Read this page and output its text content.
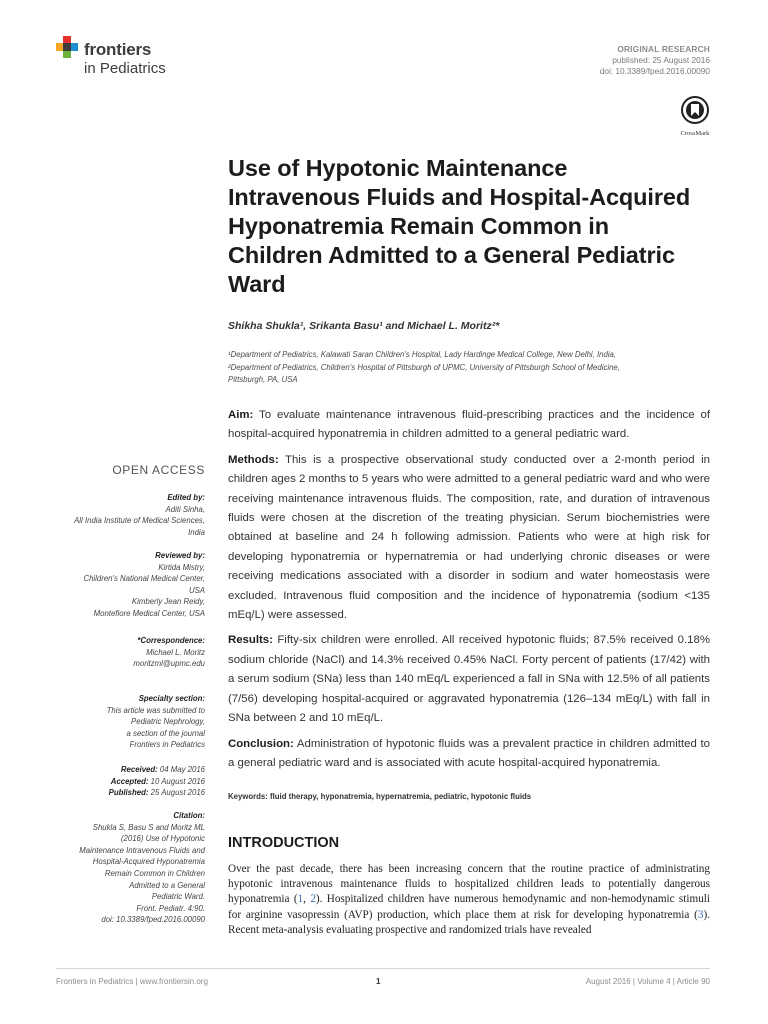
frontiers
in Pediatrics
ORIGINAL RESEARCH
published: 25 August 2016
doi: 10.3389/fped.2016.00090
CrossMark
Use of Hypotonic Maintenance Intravenous Fluids and Hospital-Acquired Hyponatremia Remain Common in Children Admitted to a General Pediatric Ward
Shikha Shukla¹, Srikanta Basu¹ and Michael L. Moritz²*
¹Department of Pediatrics, Kalawati Saran Children's Hospital, Lady Hardinge Medical College, New Delhi, India,
²Department of Pediatrics, Children's Hospital of Pittsburgh of UPMC, University of Pittsburgh School of Medicine,
Pittsburgh, PA, USA

Aim: To evaluate maintenance intravenous fluid-prescribing practices and the incidence of hospital-acquired hyponatremia in children admitted to a general pediatric ward.

Methods: This is a prospective observational study conducted over a 2-month period in children ages 2 months to 5 years who were admitted to a general pediatric ward and who were receiving maintenance intravenous fluids. The composition, rate, and duration of intravenous fluids were chosen at the discretion of the treating physician. Serum biochemistries were obtained at baseline and 24 h following admission. Patients who were at high risk for developing hyponatremia or hypernatremia or had underlying chronic diseases or were receiving medications associated with a disorder in sodium and water homeostasis were excluded. Intravenous fluid composition and the incidence of hyponatremia (sodium <135 mEq/L) were assessed.

Results: Fifty-six children were enrolled. All received hypotonic fluids; 87.5% received 0.18% sodium chloride (NaCl) and 14.3% received 0.45% NaCl. Forty percent of patients (17/42) with a serum sodium (SNa) less than 140 mEq/L experienced a fall in SNa with 12.5% of all patients (7/56) developing hospital-acquired or aggravated hyponatremia (126–134 mEq/L) with fall in SNa between 2 and 10 mEq/L.

Conclusion: Administration of hypotonic fluids was a prevalent practice in children admitted to a general pediatric ward and is associated with acute hospital-acquired hyponatremia.

Keywords: fluid therapy, hyponatremia, hypernatremia, pediatric, hypotonic fluids
OPEN ACCESS
Edited by:
Aditi Sinha,
All India Institute of Medical Sciences,
India
Reviewed by:
Kirtida Mistry,
Children's National Medical Center,
USA
Kimberly Jean Reidy,
Montefiore Medical Center, USA
*Correspondence:
Michael L. Moritz
moritzml@upmc.edu
Specialty section:
This article was submitted to
Pediatric Nephrology,
a section of the journal
Frontiers in Pediatrics
Received: 04 May 2016
Accepted: 10 August 2016
Published: 25 August 2016
Citation:
Shukla S, Basu S and Moritz ML
(2016) Use of Hypotonic
Maintenance Intravenous Fluids and
Hospital-Acquired Hyponatremia
Remain Common in Children
Admitted to a General
Pediatric Ward.
Front. Pediatr. 4:90.
doi: 10.3389/fped.2016.00090
INTRODUCTION
Over the past decade, there has been increasing concern that the routine practice of administrating hypotonic intravenous maintenance fluids to hospitalized children leads to potentially dangerous hyponatremia (1, 2). Hospitalized children have numerous hemodynamic and non-hemodynamic stimuli for arginine vasopressin (AVP) production, which place them at risk for developing hyponatremia (3). Recent meta-analysis evaluating prospective and randomized trials have revealed
Frontiers in Pediatrics | www.frontiersin.org	1	August 2016 | Volume 4 | Article 90
